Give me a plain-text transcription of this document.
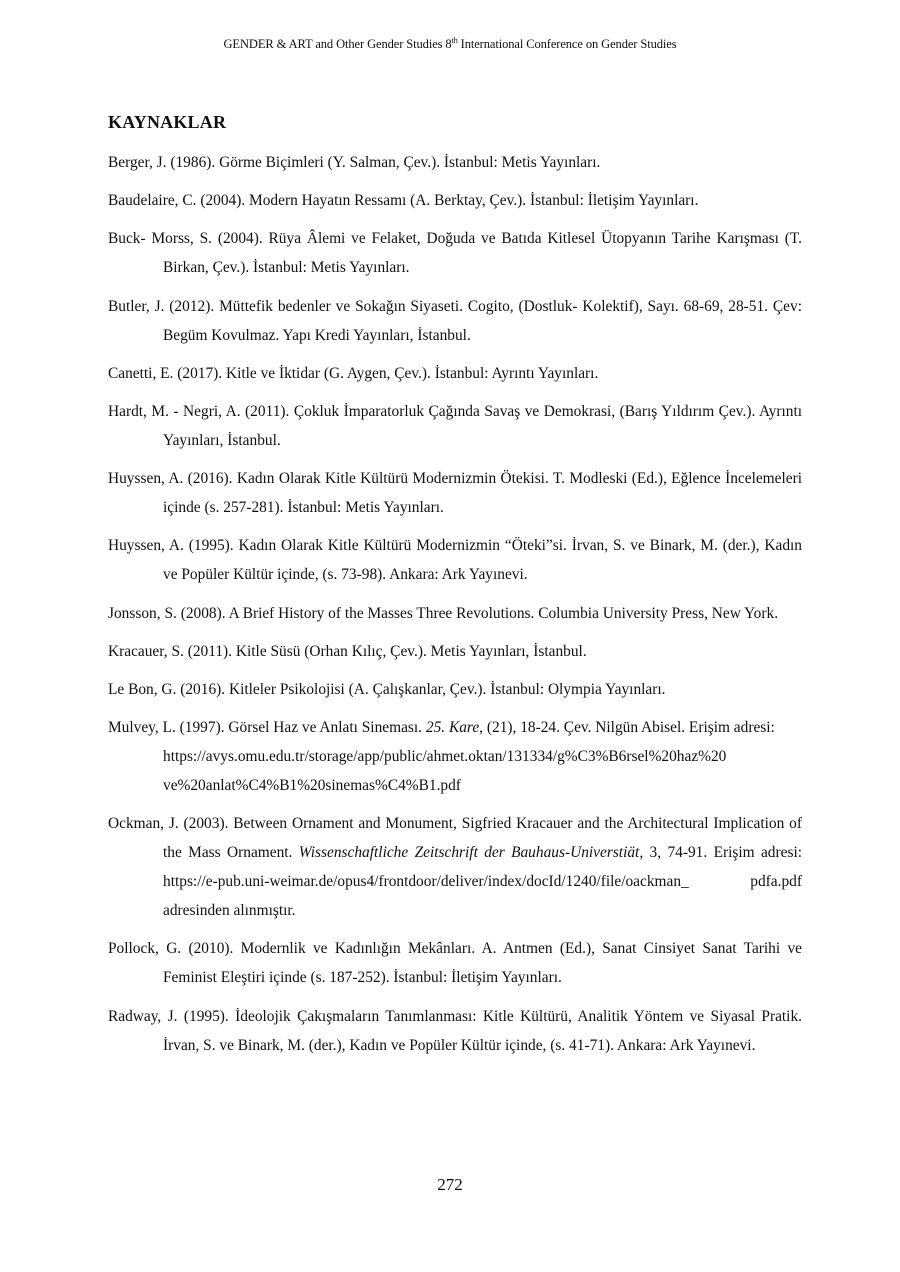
GENDER & ART and Other Gender Studies 8th International Conference on Gender Studies
KAYNAKLAR

Berger, J. (1986). Görme Biçimleri (Y. Salman, Çev.). İstanbul: Metis Yayınları.

Baudelaire, C. (2004). Modern Hayatın Ressamı (A. Berktay, Çev.). İstanbul: İletişim Yayınları.

Buck- Morss, S. (2004). Rüya Âlemi ve Felaket, Doğuda ve Batıda Kitlesel Ütopyanın Tarihe Karışması (T. Birkan, Çev.). İstanbul: Metis Yayınları.

Butler, J. (2012). Müttefik bedenler ve Sokağın Siyaseti. Cogito, (Dostluk- Kolektif), Sayı. 68-69, 28-51. Çev: Begüm Kovulmaz. Yapı Kredi Yayınları, İstanbul.

Canetti, E. (2017). Kitle ve İktidar (G. Aygen, Çev.). İstanbul: Ayrıntı Yayınları.

Hardt, M. - Negri, A. (2011). Çokluk İmparatorluk Çağında Savaş ve Demokrasi, (Barış Yıldırım Çev.). Ayrıntı Yayınları, İstanbul.

Huyssen, A. (2016). Kadın Olarak Kitle Kültürü Modernizmin Ötekisi. T. Modleski (Ed.), Eğlence İncelemeleri içinde (s. 257-281). İstanbul: Metis Yayınları.

Huyssen, A. (1995). Kadın Olarak Kitle Kültürü Modernizmin “Öteki”si. İrvan, S. ve Binark, M. (der.), Kadın ve Popüler Kültür içinde, (s. 73-98). Ankara: Ark Yayınevi.

Jonsson, S. (2008). A Brief History of the Masses Three Revolutions. Columbia University Press, New York.

Kracauer, S. (2011). Kitle Süsü (Orhan Kılıç, Çev.). Metis Yayınları, İstanbul.

Le Bon, G. (2016). Kitleler Psikolojisi (A. Çalışkanlar, Çev.). İstanbul: Olympia Yayınları.

Mulvey, L. (1997). Görsel Haz ve Anlatı Sineması. 25. Kare, (21), 18-24. Çev. Nilgün Abisel. Erişim adresi:
https://avys.omu.edu.tr/storage/app/public/ahmet.oktan/131334/g%C3%B6rsel%20haz%20
ve%20anlat%C4%B1%20sinemas%C4%B1.pdf

Ockman, J. (2003). Between Ornament and Monument, Sigfried Kracauer and the Architectural Implication of the Mass Ornament. Wissenschaftliche Zeitschrift der Bauhaus-Universtiät, 3, 74-91. Erişim adresi: https://e-pub.uni-weimar.de/opus4/frontdoor/deliver/index/docId/1240/file/oackman_ pdfa.pdf adresinden alınmıştır.

Pollock, G. (2010). Modernlik ve Kadınlığın Mekânları. A. Antmen (Ed.), Sanat Cinsiyet Sanat Tarihi ve Feminist Eleştiri içinde (s. 187-252). İstanbul: İletişim Yayınları.

Radway, J. (1995). İdeolojik Çakışmaların Tanımlanması: Kitle Kültürü, Analitik Yöntem ve Siyasal Pratik. İrvan, S. ve Binark, M. (der.), Kadın ve Popüler Kültür içinde, (s. 41-71). Ankara: Ark Yayınevi.

272
